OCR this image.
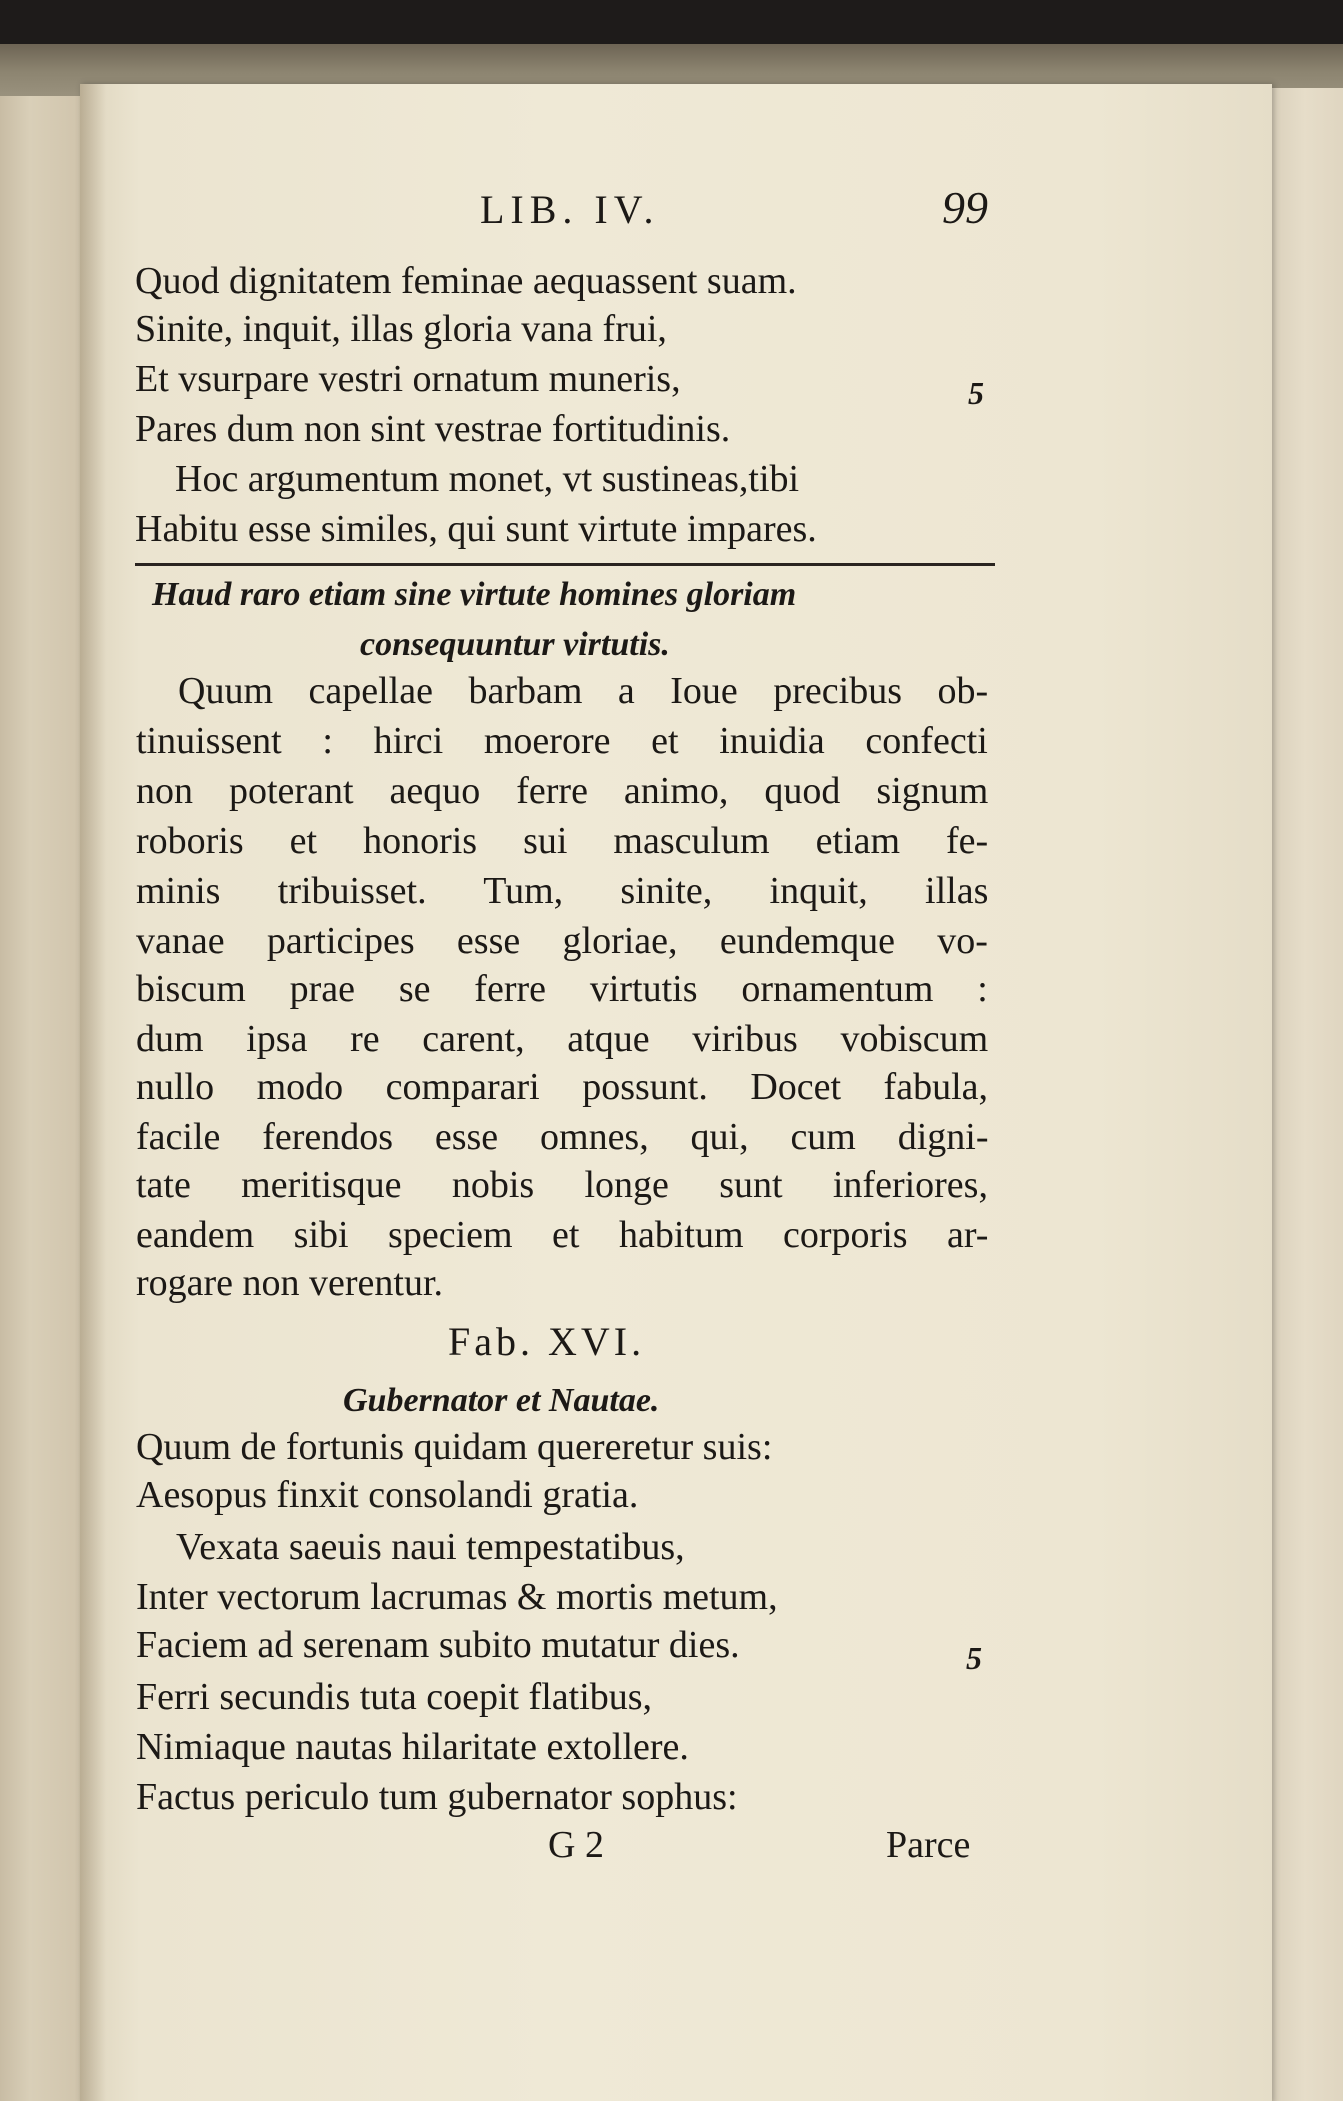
LIB. IV.	99
Quod dignitatem feminae aequassent suam.
Sinite, inquit, illas gloria vana frui,
Et vsurpare vestri ornatum muneris,
Pares dum non sint vestrae fortitudinis.
Hoc argumentum monet, vt sustineas,tibi
Habitu esse similes, qui sunt virtute impares.
5
Haud raro etiam sine virtute homines gloriam
consequuntur virtutis.
Quum capellae barbam a Ioue precibus ob-
tinuissent : hirci moerore et inuidia confecti
non poterant aequo ferre animo, quod signum
roboris et honoris sui masculum etiam fe-
minis tribuisset. Tum, sinite, inquit, illas
vanae participes esse gloriae, eundemque vo-
biscum prae se ferre virtutis ornamentum :
dum ipsa re carent, atque viribus vobiscum
nullo modo comparari possunt. Docet fabula,
facile ferendos esse omnes, qui, cum digni-
tate meritisque nobis longe sunt inferiores,
eandem sibi speciem et habitum corporis ar-
rogare non verentur.
Fab. XVI.
Gubernator et Nautae.
Quum de fortunis quidam quereretur suis:
Aesopus finxit consolandi gratia.
Vexata saeuis naui tempestatibus,
Inter vectorum lacrumas & mortis metum,
Faciem ad serenam subito mutatur dies.
Ferri secundis tuta coepit flatibus,
Nimiaque nautas hilaritate extollere.
Factus periculo tum gubernator sophus:
5
G 2	Parce
